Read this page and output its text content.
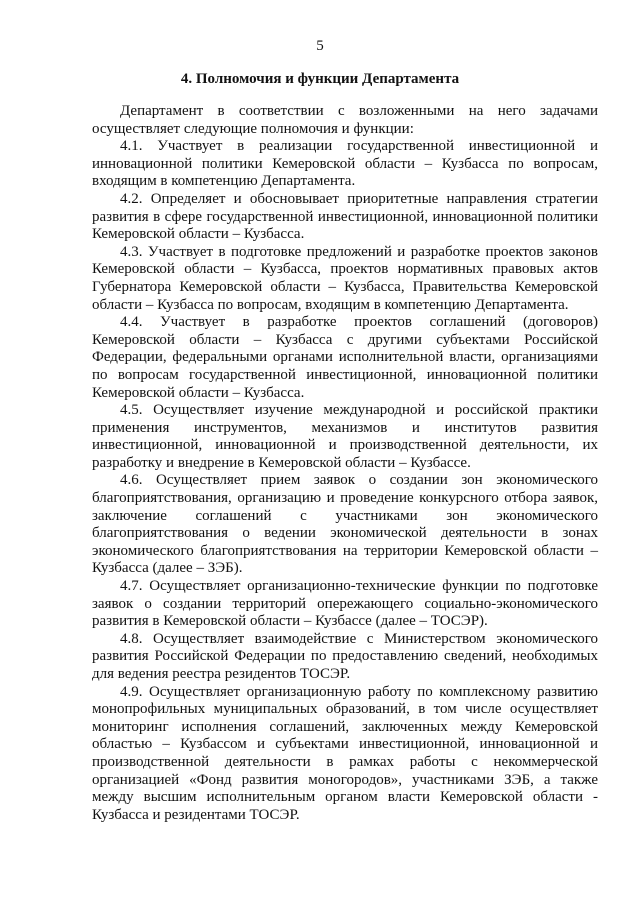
5
4. Полномочия и функции Департамента

Департамент в соответствии с возложенными на него задачами осуществляет следующие полномочия и функции:

4.1. Участвует в реализации государственной инвестиционной и инновационной политики Кемеровской области – Кузбасса по вопросам, входящим в компетенцию Департамента.

4.2. Определяет и обосновывает приоритетные направления стратегии развития в сфере государственной инвестиционной, инновационной политики Кемеровской области – Кузбасса.

4.3. Участвует в подготовке предложений и разработке проектов законов Кемеровской области – Кузбасса, проектов нормативных правовых актов Губернатора Кемеровской области – Кузбасса, Правительства Кемеровской области – Кузбасса по вопросам, входящим в компетенцию Департамента.

4.4. Участвует в разработке проектов соглашений (договоров) Кемеровской области – Кузбасса с другими субъектами Российской Федерации, федеральными органами исполнительной власти, организациями по вопросам государственной инвестиционной, инновационной политики Кемеровской области – Кузбасса.

4.5. Осуществляет изучение международной и российской практики применения инструментов, механизмов и институтов развития инвестиционной, инновационной и производственной деятельности, их разработку и внедрение в Кемеровской области – Кузбассе.

4.6. Осуществляет прием заявок о создании зон экономического благоприятствования, организацию и проведение конкурсного отбора заявок, заключение соглашений с участниками зон экономического благоприятствования о ведении экономической деятельности в зонах экономического благоприятствования на территории Кемеровской области – Кузбасса (далее – ЗЭБ).

4.7. Осуществляет организационно-технические функции по подготовке заявок о создании территорий опережающего социально-экономического развития в Кемеровской области – Кузбассе (далее – ТОСЭР).

4.8. Осуществляет взаимодействие с Министерством экономического развития Российской Федерации по предоставлению сведений, необходимых для ведения реестра резидентов ТОСЭР.

4.9. Осуществляет организационную работу по комплексному развитию монопрофильных муниципальных образований, в том числе осуществляет мониторинг исполнения соглашений, заключенных между Кемеровской областью – Кузбассом и субъектами инвестиционной, инновационной и производственной деятельности в рамках работы с некоммерческой организацией «Фонд развития моногородов», участниками ЗЭБ, а также между высшим исполнительным органом власти Кемеровской области - Кузбасса и резидентами ТОСЭР.
